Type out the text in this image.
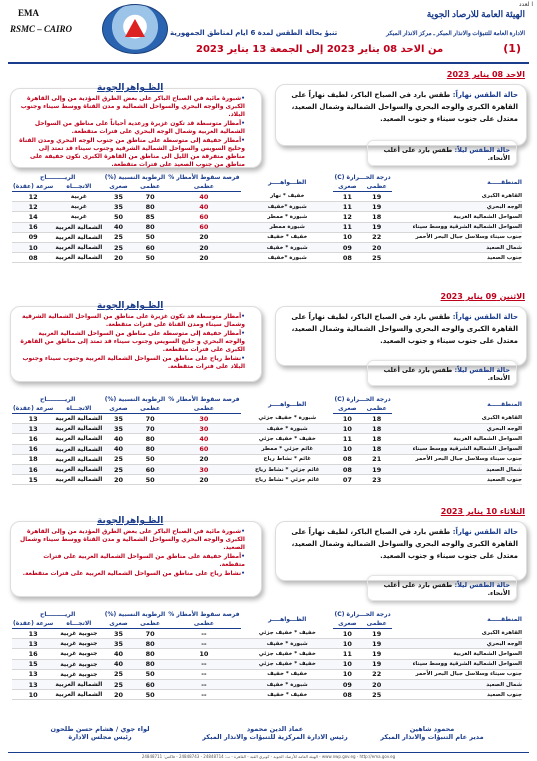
ا لعدد
EMA
RSMC – CAIRO
الهيئة العامة للارصاد الجوية
الادارة العامة للتنبؤات والانذار المبكر ـ مركز الانذار المبكر
تنبؤ بحالة الطقس لمدة 6 ايام لمناطق الجمهورية
من الاحد 08 يناير 2023 إلى الجمعة 13 يناير 2023	(1)
الاحد 08 يناير 2023

حالة الطقس نهاراً: طقس بارد في الصباح الباكر، لطيف نهاراً على القاهرة الكبرى والوجه البحري والسواحل الشمالية وشمال الصعيد، معتدل على جنوب سيناء و جنوب الصعيد.

حالة الطقس ليلاً: طقس بارد على أغلب الأنحاء.
الظـواهرالجوية
• شبورة مائية في الصباح الباكر على بعض الطرق المؤدية من وإلى القاهرة الكبرى والوجه البحري والسواحل الشمالية و مدن القناة ووسط سيناء وجنوب البلاد.
• أمطار متوسطة قد تكون غزيرة ورعدية أحياناً على مناطق من السواحل الشمالية الغربية وشمال الوجه البحري على فترات متقطعة.
• أمطار خفيفة إلى متوسطة على مناطق من جنوب الوجه البحري ومدن القناة وخليج السويس والسواحل الشمالية الشرقية وجنوب سيناء قد تمتد إلى مناطق متفرقة من الليل الى مناطق من القاهرة الكبرى تكون خفيفة على مناطق من جنوب الصعيد على فترات متقطعة.
المنطقـــــة	درجة الحـــرارة (C)		الظـــواهــــر	فرصة سقوط الأمطار %	الرطوبة النسبية (%)		الريـــــــــاح	
	عظمى	صغرى		عظمى	عظمى	صغرى	الاتجـــاه	سرعة (عقدة)
القاهرة الكبرى	19	11	خفيف * نهار	40	70	35	غربية	12
الوجه البحري	19	11	شبورة *خفيف	40	80	35	غربية	12
السواحل الشمالية الغربية	18	12	شبورة * ممطر	60	85	50	غربية	14
السواحل الشمالية الشرقية ووسط سيناء	19	11	شبورة ممطر	60	80	40	الشمالية الغربية	16
جنوب سيناء وسلاسل جبال البحر الأحمر	22	10	خفيف * خفيف	20	50	25	الشمالية الغربية	09
شمال الصعيد	20	09	شبورة * خفيف	20	60	25	الشمالية الغربية	10
جنوب الصعيد	25	08	شبورة *خفيف	20	50	20	الشمالية الغربية	08
الاثنين 09 يناير 2023

حالة الطقس نهاراً: طقس بارد في الصباح الباكر، لطيف نهاراً على القاهرة الكبرى والوجه البحري والسواحل الشمالية وشمال الصعيد، معتدل على جنوب سيناء و جنوب الصعيد.

حالة الطقس ليلاً: طقس بارد على أغلب الأنحاء.
الظـواهرالجوية
• أمطار متوسطة قد تكون غزيرة على مناطق من السواحل الشمالية الشرقية وشمال سيناء ومدن القناة على فترات متقطعة.
• أمطار خفيفة إلى متوسطة على مناطق من السواحل الشمالية الغربية والوجه البحري و خليج السويس وجنوب سيناء قد تمتد إلى مناطق من القاهرة الكبرى على فترات متقطعة.
• نشاط رياح على مناطق من السواحل الشمالية الغربية وجنوب سيناء وجنوب البلاد على فترات متقطعة.
المنطقـــــة	درجة الحـــرارة (C)		الظـــواهــــر	فرصة سقوط الأمطار %	الرطوبة النسبية (%)		الريـــــــــاح	
	عظمى	صغرى		عظمى	عظمى	صغرى	الاتجـــاه	سرعة (عقدة)
القاهرة الكبرى	18	10	شبورة * خفيف جزئي	30	70	35	الشمالية الغربية	13
الوجه البحري	18	10	شبورة * خفيف	30	70	35	الشمالية الغربية	13
السواحل الشمالية الغربية	18	11	خفيف * خفيف جزئي	40	80	40	الشمالية الغربية	16
السواحل الشمالية الشرقية ووسط سيناء	18	10	غائم جزئي * ممطر	60	80	40	الشمالية الغربية	16
جنوب سيناء وسلاسل جبال البحر الأحمر	21	08	غائم * نشاط رياح	20	50	25	الشمالية الغربية	18
شمال الصعيد	19	08	غائم جزئي * نشاط رياح	30	60	25	الشمالية الغربية	16
جنوب الصعيد	23	07	غائم جزئي * نشاط رياح	20	50	20	الشمالية الغربية	15
الثلاثاء 10 يناير 2023

حالة الطقس نهاراً: طقس بارد في الصباح الباكر، لطيف نهاراً على القاهرة الكبرى والوجه البحري والسواحل الشمالية وشمال الصعيد، معتدل على جنوب سيناء و جنوب الصعيد.

حالة الطقس ليلاً: طقس بارد على أغلب الأنحاء.
الظـواهرالجوية
• شبورة مائية في الصباح الباكر على بعض الطرق المؤدية من وإلى القاهرة الكبرى والوجه البحري والسواحل الشمالية و مدن القناة ووسط سيناء وشمال الصعيد.
• أمطار خفيفة على مناطق من السواحل الشمالية الغربية على فترات متقطعة.
• نشاط رياح على مناطق من السواحل الشمالية الغربية على فترات متقطعة.
المنطقـــــة	درجة الحـــرارة (C)		الظـــواهــــر	فرصة سقوط الأمطار %	الرطوبة النسبية (%)		الريـــــــــاح	
	عظمى	صغرى		عظمى	عظمى	صغرى	الاتجـــاه	سرعة (عقدة)
القاهرة الكبرى	19	10	خفيف * خفيف جزئي	--	70	35	جنوبية غربية	13
الوجه البحري	19	10	شبورة * خفيف	--	80	35	جنوبية غربية	13
السواحل الشمالية الغربية	19	11	خفيف * خفيف جزئي	10	80	40	جنوبية غربية	16
السواحل الشمالية الشرقية ووسط سيناء	19	10	خفيف * خفيف جزئي	--	80	40	جنوبية غربية	15
جنوب سيناء وسلاسل جبال البحر الأحمر	22	10	خفيف * خفيف	--	50	25	جنوبية غربية	13
شمال الصعيد	20	09	شبورة * خفيف	--	60	25	الشمالية الغربية	13
جنوب الصعيد	25	08	خفيف * خفيف	--	50	20	الشمالية الغربية	10
محمود شاهين
مدير عام التنبؤات والانذار المبكر
عماد الدين محمود
رئيس الادارة المركزية للتنبؤات والانذار المبكر
لواء جوي / هشام حسن طلحون
رئيس مجلس الادارة
الهيئة العامة للأرصاد الجوية - كوبري القبة - القاهرة - ت: 24848714 - 24848743 - فاكس: 24848711 - www.nwp.gov.eg - http://ema.gov.eg
